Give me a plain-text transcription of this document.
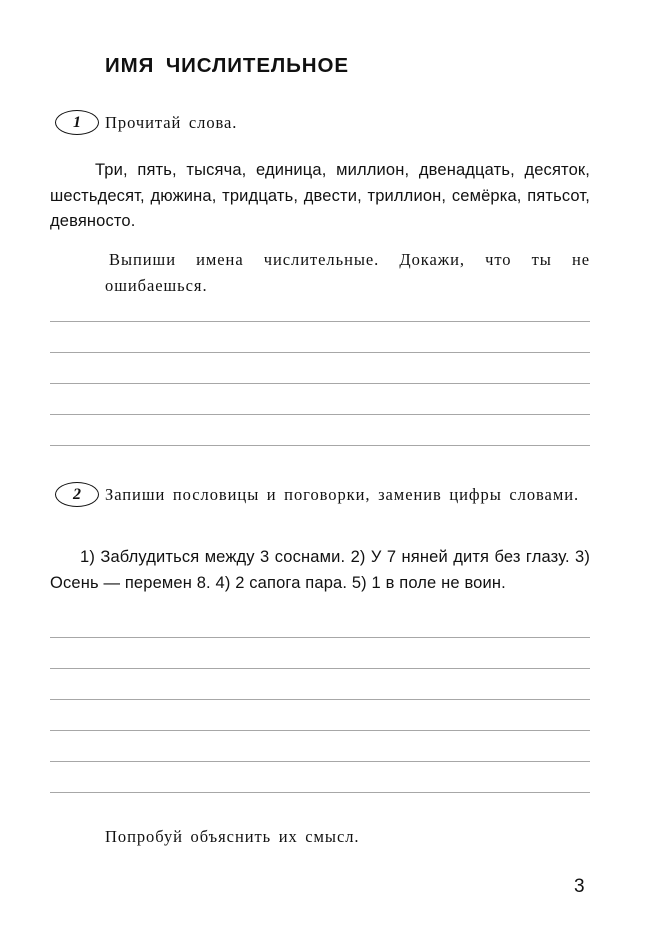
ИМЯ ЧИСЛИТЕЛЬНОЕ
1	Прочитай слова.
Три, пять, тысяча, единица, миллион, двенадцать, десяток, шестьдесят, дюжина, тридцать, двести, триллион, семёрка, пятьсот, девяносто.
Выпиши имена числительные. Докажи, что ты не ошибаешься.
2	Запиши пословицы и поговорки, заменив цифры словами.
1) Заблудиться между 3 соснами. 2) У 7 няней дитя без глазу. 3) Осень — перемен 8. 4) 2 сапога пара. 5) 1 в поле не воин.
Попробуй объяснить их смысл.
3
